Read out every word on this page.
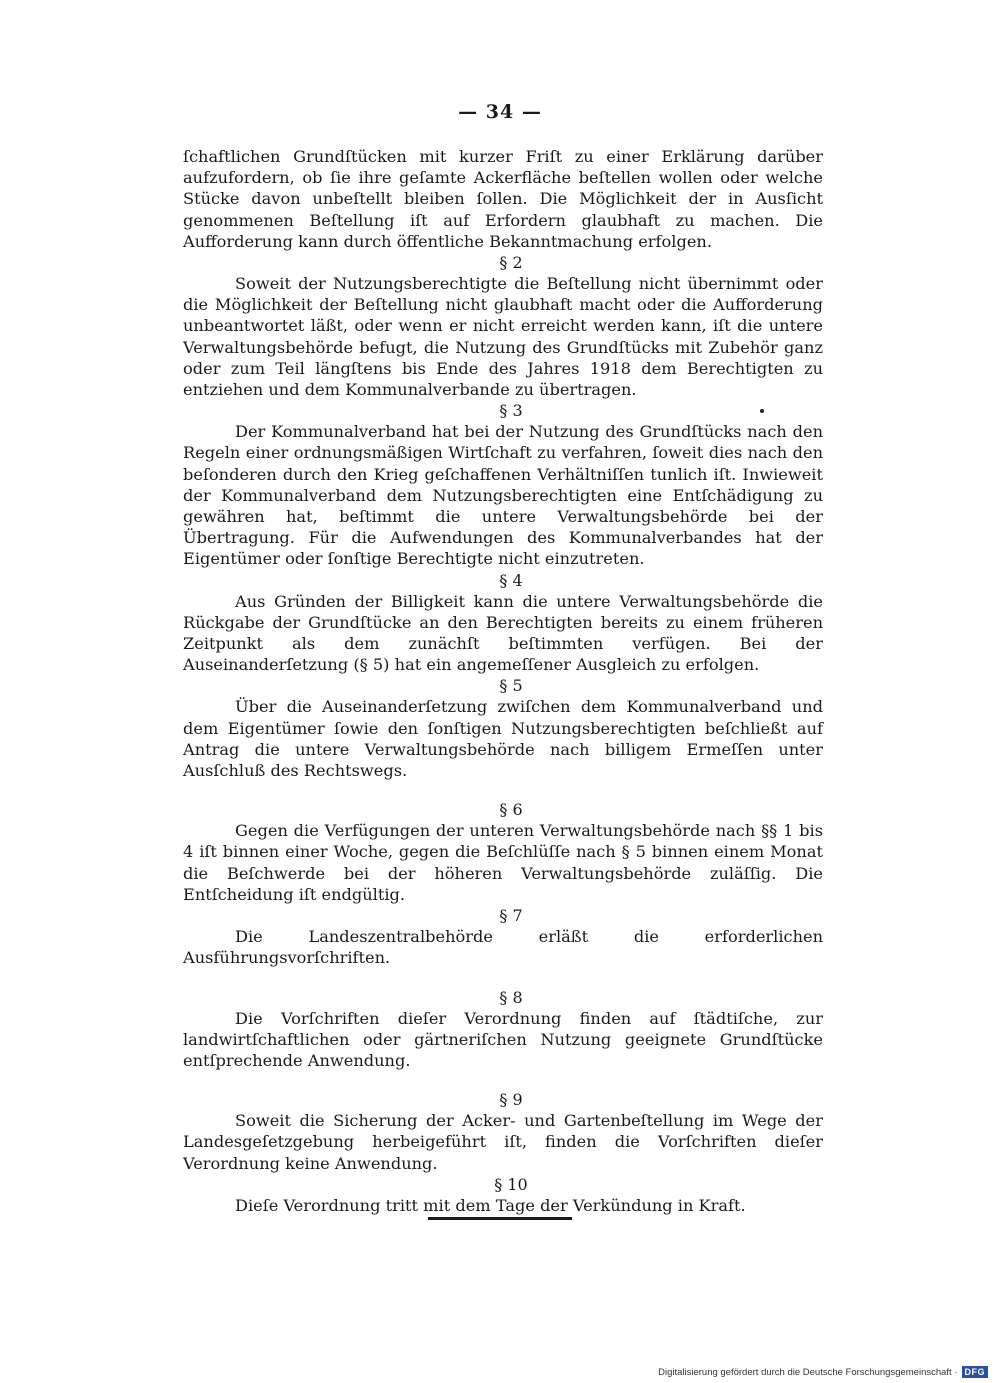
— 34 —

ſchaftlichen Grundſtücken mit kurzer Friſt zu einer Erklärung darüber aufzufordern, ob ſie ihre geſamte Ackerfläche beſtellen wollen oder welche Stücke davon unbeſtellt bleiben ſollen. Die Möglichkeit der in Ausſicht genommenen Beſtellung iſt auf Erfordern glaubhaft zu machen. Die Aufforderung kann durch öffentliche Bekanntmachung erfolgen.

§ 2

Soweit der Nutzungsberechtigte die Beſtellung nicht übernimmt oder die Möglichkeit der Beſtellung nicht glaubhaft macht oder die Aufforderung unbeantwortet läßt, oder wenn er nicht erreicht werden kann, iſt die untere Verwaltungsbehörde befugt, die Nutzung des Grundſtücks mit Zubehör ganz oder zum Teil längſtens bis Ende des Jahres 1918 dem Berechtigten zu entziehen und dem Kommunalverbande zu übertragen.

§ 3

Der Kommunalverband hat bei der Nutzung des Grundſtücks nach den Regeln einer ordnungsmäßigen Wirtſchaft zu verfahren, ſoweit dies nach den beſonderen durch den Krieg geſchaffenen Verhältniſſen tunlich iſt. Inwieweit der Kommunalverband dem Nutzungsberechtigten eine Entſchädigung zu gewähren hat, beſtimmt die untere Verwaltungsbehörde bei der Übertragung. Für die Aufwendungen des Kommunalverbandes hat der Eigentümer oder ſonſtige Berechtigte nicht einzutreten.

§ 4

Aus Gründen der Billigkeit kann die untere Verwaltungsbehörde die Rückgabe der Grundſtücke an den Berechtigten bereits zu einem früheren Zeitpunkt als dem zunächſt beſtimmten verfügen. Bei der Auseinanderſetzung (§ 5) hat ein angemeſſener Ausgleich zu erfolgen.

§ 5

Über die Auseinanderſetzung zwiſchen dem Kommunalverband und dem Eigentümer ſowie den ſonſtigen Nutzungsberechtigten beſchließt auf Antrag die untere Verwaltungsbehörde nach billigem Ermeſſen unter Ausſchluß des Rechtswegs.

§ 6

Gegen die Verfügungen der unteren Verwaltungsbehörde nach §§ 1 bis 4 iſt binnen einer Woche, gegen die Beſchlüſſe nach § 5 binnen einem Monat die Beſchwerde bei der höheren Verwaltungsbehörde zuläſſig. Die Entſcheidung iſt endgültig.

§ 7

Die Landeszentralbehörde erläßt die erforderlichen Ausführungsvorſchriften.

§ 8

Die Vorſchriften dieſer Verordnung finden auf ſtädtiſche, zur landwirtſchaftlichen oder gärtneriſchen Nutzung geeignete Grundſtücke entſprechende Anwendung.

§ 9

Soweit die Sicherung der Acker- und Gartenbeſtellung im Wege der Landesgeſetzgebung herbeigeführt iſt, finden die Vorſchriften dieſer Verordnung keine Anwendung.

§ 10

Dieſe Verordnung tritt mit dem Tage der Verkündung in Kraft.

Digitalisierung gefördert durch die Deutsche Forschungsgemeinschaft · DFG
